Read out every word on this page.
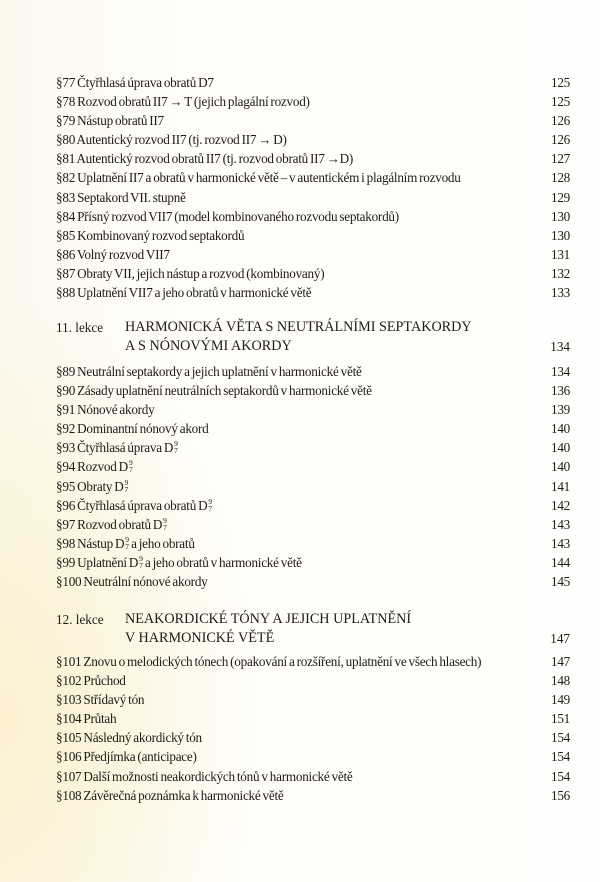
§77 Čtyřhlasá úprava obratů D7	125
§78 Rozvod obratů II7 → T (jejich plagální rozvod)	125
§79 Nástup obratů II7	126
§80 Autentický rozvod II7 (tj. rozvod II7 → D)	126
§81 Autentický rozvod obratů II7 (tj. rozvod obratů II7 →D)	127
§82 Uplatnění II7 a obratů v harmonické větě – v autentickém i plagálním rozvodu	128
§83 Septakord VII. stupně	129
§84 Přísný rozvod VII7 (model kombinovaného rozvodu septakordů)	130
§85 Kombinovaný rozvod septakordů	130
§86 Volný rozvod VII7	131
§87 Obraty VII, jejich nástup a rozvod (kombinovaný)	132
§88 Uplatnění VII7 a jeho obratů v harmonické větě	133
11. lekce	HARMONICKÁ VĚTA S NEUTRÁLNÍMI SEPTAKORDY
A S NÓNOVÝMI AKORDY	134
§89 Neutrální septakordy a jejich uplatnění v harmonické větě	134
§90 Zásady uplatnění neutrálních septakordů v harmonické větě	136
§91 Nónové akordy	139
§92 Dominantní nónový akord	140
§93 Čtyřhlasá úprava D 9
7	140
§94 Rozvod D 9
7	140
§95 Obraty D 9
7	141
§96 Čtyřhlasá úprava obratů D 9
7	142
§97 Rozvod obratů D 9
7	143
§98 Nástup D 9
7 a jeho obratů	143
§99 Uplatnění D 9
7 a jeho obratů v harmonické větě	144
§100 Neutrální nónové akordy	145
12. lekce	NEAKORDICKÉ TÓNY A JEJICH UPLATNĚNÍ
V HARMONICKÉ VĚTĚ	147
§101 Znovu o melodických tónech (opakování a rozšíření, uplatnění ve všech hlasech)	147
§102 Průchod	148
§103 Střídavý tón	149
§104 Průtah	151
§105 Následný akordický tón	154
§106 Předjímka (anticipace)	154
§107 Další možnosti neakordických tónů v harmonické větě	154
§108 Závěrečná poznámka k harmonické větě	156
